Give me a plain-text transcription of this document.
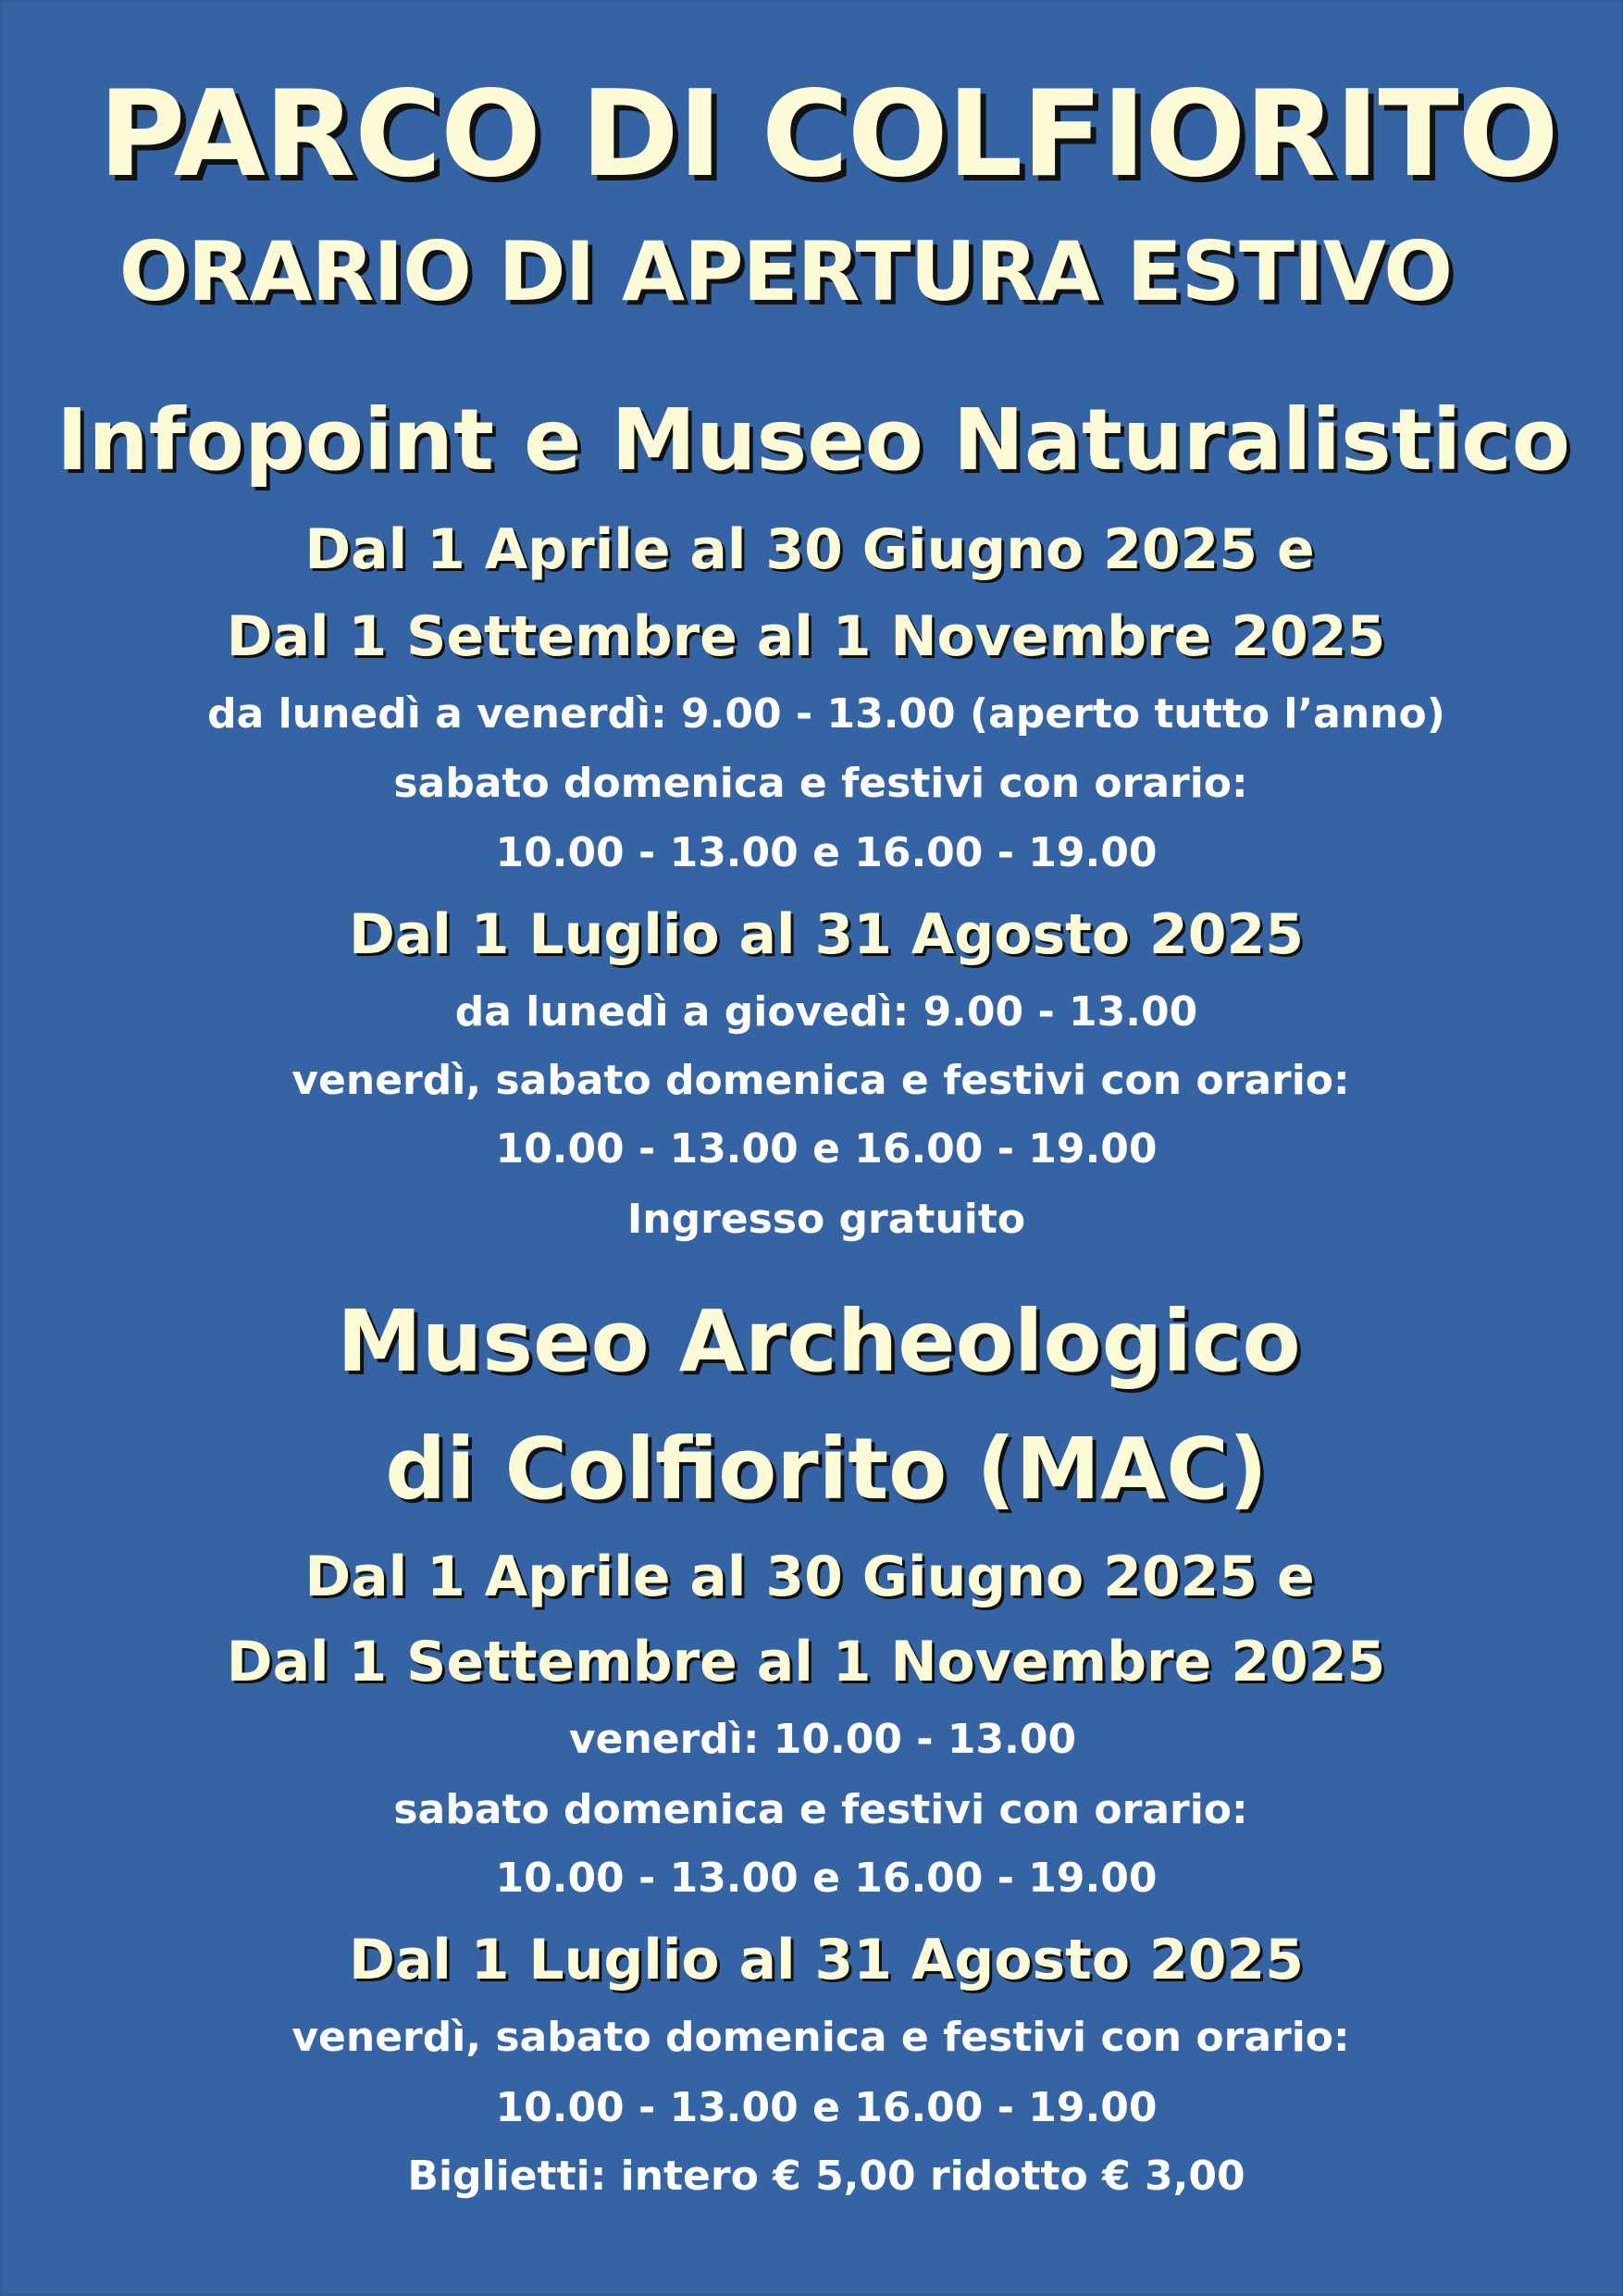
PARCO DI COLFIORITO
ORARIO DI APERTURA ESTIVO
Infopoint e Museo Naturalistico
Dal 1 Aprile al 30 Giugno 2025 e
Dal 1 Settembre al 1 Novembre 2025
da lunedì a venerdì: 9.00 - 13.00 (aperto tutto l’anno)
sabato domenica e festivi con orario:
10.00 - 13.00 e 16.00 - 19.00
Dal 1 Luglio al 31 Agosto 2025
da lunedì a giovedì: 9.00 - 13.00
venerdì, sabato domenica e festivi con orario:
10.00 - 13.00 e 16.00 - 19.00
Ingresso gratuito
Museo Archeologico
di Colfiorito (MAC)
Dal 1 Aprile al 30 Giugno 2025 e
Dal 1 Settembre al 1 Novembre 2025
venerdì: 10.00 - 13.00
sabato domenica e festivi con orario:
10.00 - 13.00 e 16.00 - 19.00
Dal 1 Luglio al 31 Agosto 2025
venerdì, sabato domenica e festivi con orario:
10.00 - 13.00 e 16.00 - 19.00
Biglietti: intero € 5,00 ridotto € 3,00
